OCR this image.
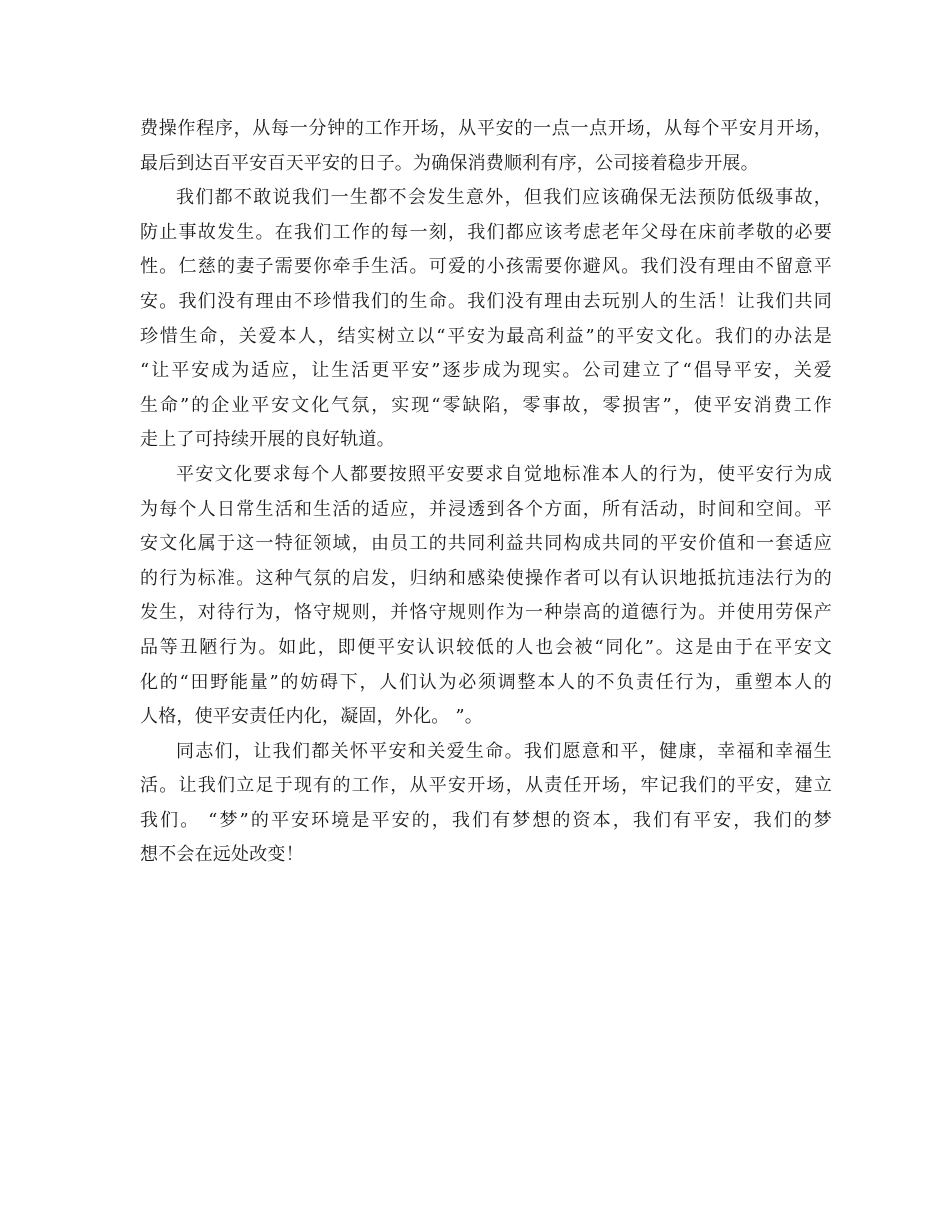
费操作程序，从每一分钟的工作开场，从平安的一点一点开场，从每个平安月开场，
最后到达百平安百天平安的日子。为确保消费顺利有序，公司接着稳步开展。
我们都不敢说我们一生都不会发生意外，但我们应该确保无法预防低级事故，
防止事故发生。在我们工作的每一刻，我们都应该考虑老年父母在床前孝敬的必要
性。仁慈的妻子需要你牵手生活。可爱的小孩需要你避风。我们没有理由不留意平
安。我们没有理由不珍惜我们的生命。我们没有理由去玩别人的生活！让我们共同
珍惜生命，关爱本人，结实树立以“平安为最高利益”的平安文化。我们的办法是
“让平安成为适应，让生活更平安”逐步成为现实。公司建立了“倡导平安，关爱
生命”的企业平安文化气氛，实现“零缺陷，零事故，零损害”，使平安消费工作
走上了可持续开展的良好轨道。
平安文化要求每个人都要按照平安要求自觉地标准本人的行为，使平安行为成
为每个人日常生活和生活的适应，并浸透到各个方面，所有活动，时间和空间。平
安文化属于这一特征领域，由员工的共同利益共同构成共同的平安价值和一套适应
的行为标准。这种气氛的启发，归纳和感染使操作者可以有认识地抵抗违法行为的
发生，对待行为，恪守规则，并恪守规则作为一种崇高的道德行为。并使用劳保产
品等丑陋行为。如此，即便平安认识较低的人也会被“同化”。这是由于在平安文
化的“田野能量”的妨碍下，人们认为必须调整本人的不负责任行为，重塑本人的
人格，使平安责任内化，凝固，外化。 ”。
同志们，让我们都关怀平安和关爱生命。我们愿意和平，健康，幸福和幸福生
活。让我们立足于现有的工作，从平安开场，从责任开场，牢记我们的平安，建立
我们。 “梦”的平安环境是平安的，我们有梦想的资本，我们有平安，我们的梦
想不会在远处改变！
